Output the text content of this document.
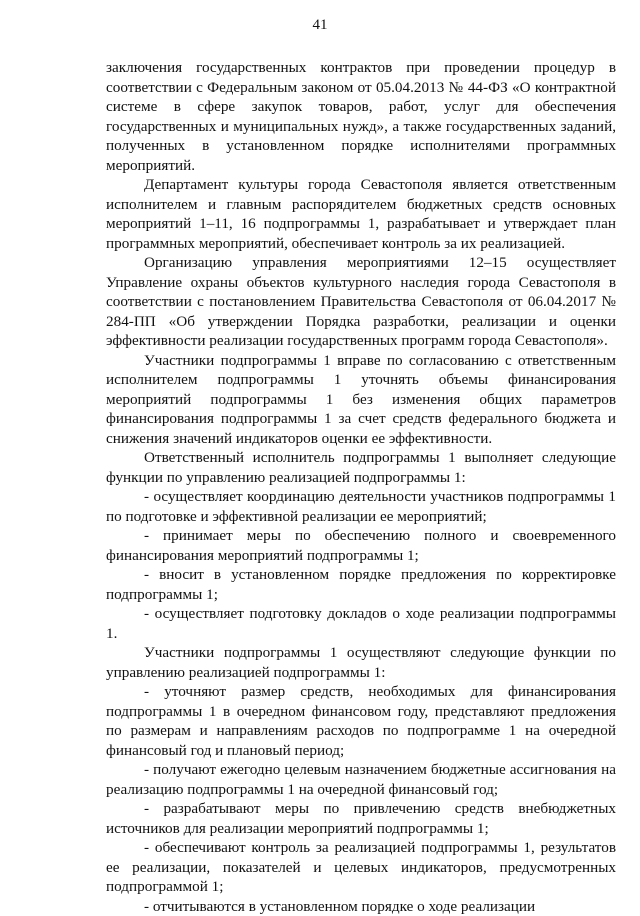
41

заключения государственных контрактов при проведении процедур в соответствии с Федеральным законом от 05.04.2013 № 44-ФЗ «О контрактной системе в сфере закупок товаров, работ, услуг для обеспечения государственных и муниципальных нужд», а также государственных заданий, полученных в установленном порядке исполнителями программных мероприятий.

Департамент культуры города Севастополя является ответственным исполнителем и главным распорядителем бюджетных средств основных мероприятий 1–11, 16 подпрограммы 1, разрабатывает и утверждает план программных мероприятий, обеспечивает контроль за их реализацией.

Организацию управления мероприятиями 12–15 осуществляет Управление охраны объектов культурного наследия города Севастополя в соответствии с постановлением Правительства Севастополя от 06.04.2017 № 284-ПП «Об утверждении Порядка разработки, реализации и оценки эффективности реализации государственных программ города Севастополя».

Участники подпрограммы 1 вправе по согласованию с ответственным исполнителем подпрограммы 1 уточнять объемы финансирования мероприятий подпрограммы 1 без изменения общих параметров финансирования подпрограммы 1 за счет средств федерального бюджета и снижения значений индикаторов оценки ее эффективности.

Ответственный исполнитель подпрограммы 1 выполняет следующие функции по управлению реализацией подпрограммы 1:

- осуществляет координацию деятельности участников подпрограммы 1 по подготовке и эффективной реализации ее мероприятий;

- принимает меры по обеспечению полного и своевременного финансирования мероприятий подпрограммы 1;

- вносит в установленном порядке предложения по корректировке подпрограммы 1;

- осуществляет подготовку докладов о ходе реализации подпрограммы 1.

Участники подпрограммы 1 осуществляют следующие функции по управлению реализацией подпрограммы 1:

- уточняют размер средств, необходимых для финансирования подпрограммы 1 в очередном финансовом году, представляют предложения по размерам и направлениям расходов по подпрограмме 1 на очередной финансовый год и плановый период;

- получают ежегодно целевым назначением бюджетные ассигнования на реализацию подпрограммы 1 на очередной финансовый год;

- разрабатывают меры по привлечению средств внебюджетных источников для реализации мероприятий подпрограммы 1;

- обеспечивают контроль за реализацией подпрограммы 1, результатов ее реализации, показателей и целевых индикаторов, предусмотренных подпрограммой 1;

- отчитываются в установленном порядке о ходе реализации
